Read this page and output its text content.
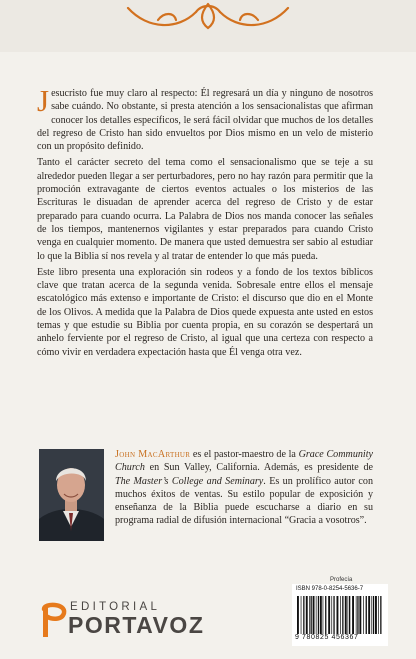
Jesucristo fue muy claro al respecto: Él regresará un día y ninguno de nosotros sabe cuándo. No obstante, si presta atención a los sensacionalistas que afirman conocer los detalles específicos, le será fácil olvidar que muchos de los detalles del regreso de Cristo han sido envueltos por Dios mismo en un velo de misterio con un propósito definido.

Tanto el carácter secreto del tema como el sensacionalismo que se teje a su alrededor pueden llegar a ser perturbadores, pero no hay razón para permitir que la promoción extravagante de ciertos eventos actuales o los misterios de las Escrituras le disuadan de aprender acerca del regreso de Cristo y de estar preparado para cuando ocurra. La Palabra de Dios nos manda conocer las señales de los tiempos, mantenernos vigilantes y estar preparados para cuando Cristo venga en cualquier momento. De manera que usted demuestra ser sabio al estudiar lo que la Biblia sí nos revela y al tratar de entender lo que más pueda.

Este libro presenta una exploración sin rodeos y a fondo de los textos bíblicos clave que tratan acerca de la segunda venida. Sobresale entre ellos el mensaje escatológico más extenso e importante de Cristo: el discurso que dio en el Monte de los Olivos. A medida que la Palabra de Dios quede expuesta ante usted en estos temas y que estudie su Biblia por cuenta propia, en su corazón se despertará un anhelo ferviente por el regreso de Cristo, al igual que una certeza con respecto a cómo vivir en verdadera expectación hasta que Él venga otra vez.

John MacArthur es el pastor-maestro de la Grace Community Church en Sun Valley, California. Además, es presidente de The Master’s College and Seminary. Es un prolífico autor con muchos éxitos de ventas. Su estilo popular de exposición y enseñanza de la Biblia puede escucharse a diario en su programa radial de difusión internacional “Gracia a vosotros”.
Profecía
ISBN 978-0-8254-5636-7
9 780825 456367
EDITORIAL
PORTAVOZ
